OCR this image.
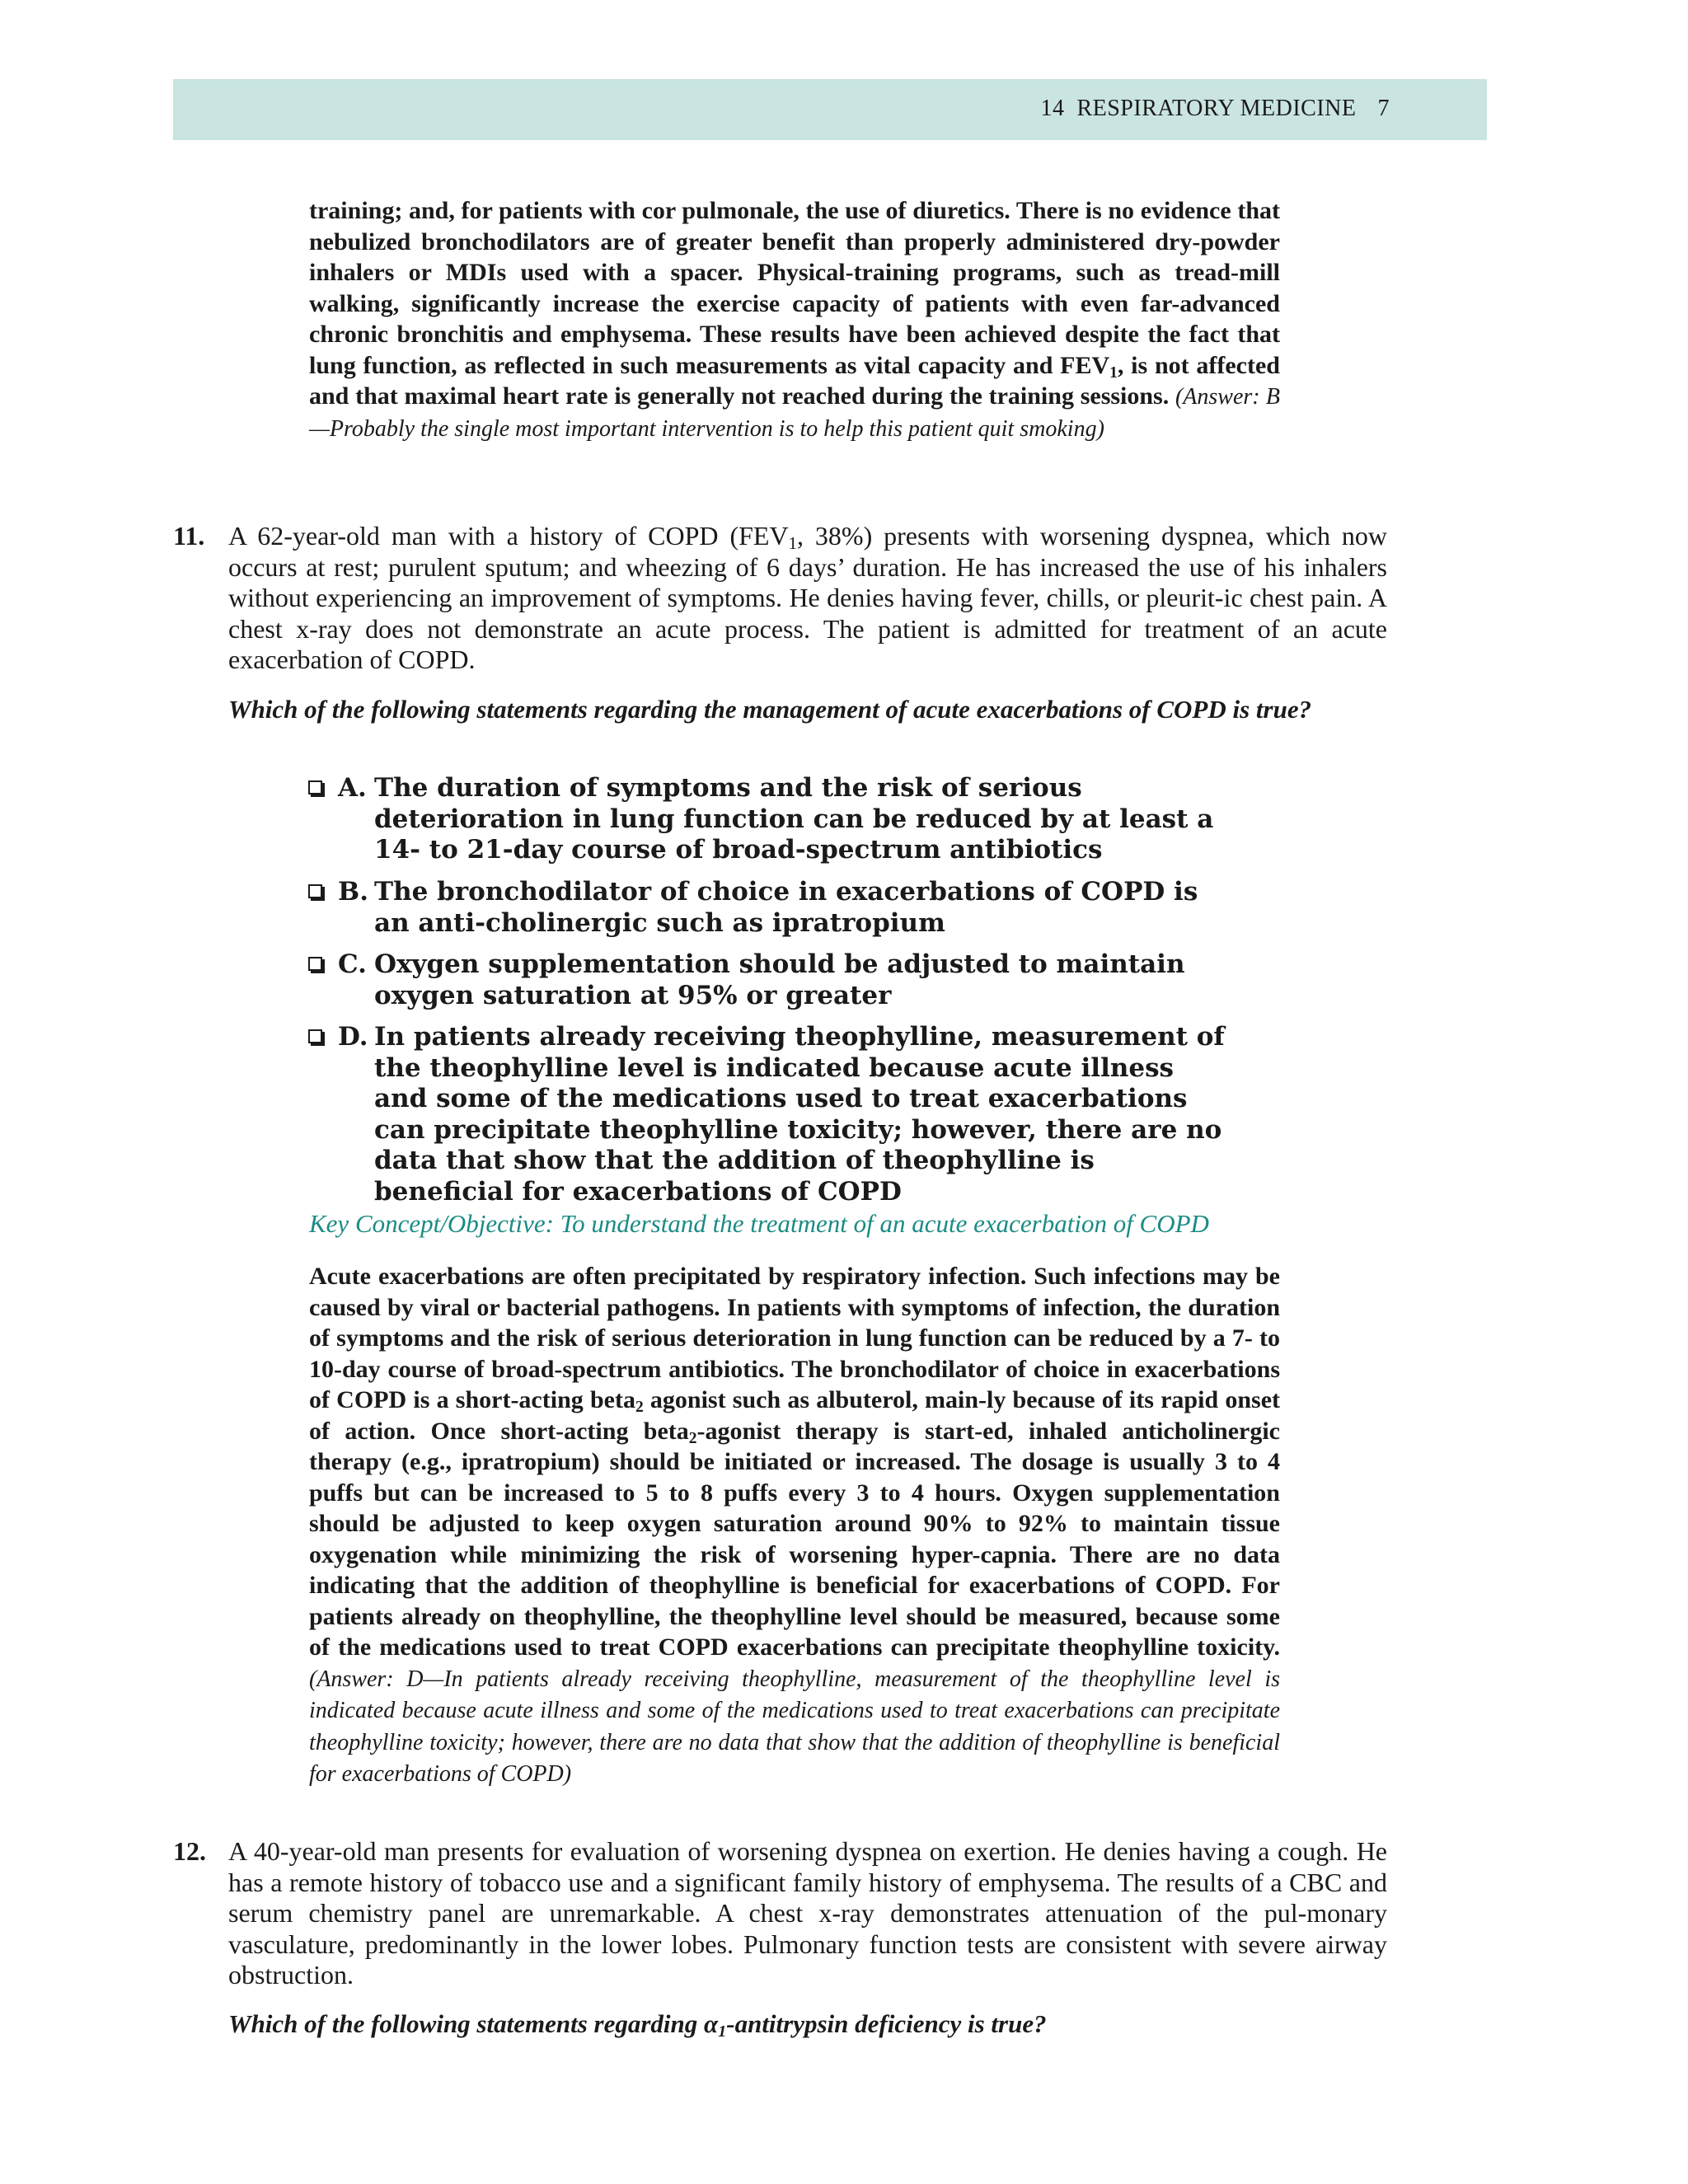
14  RESPIRATORY MEDICINE 7
training; and, for patients with cor pulmonale, the use of diuretics. There is no evidence that nebulized bronchodilators are of greater benefit than properly administered dry-powder inhalers or MDIs used with a spacer. Physical-training programs, such as tread-mill walking, significantly increase the exercise capacity of patients with even far-advanced chronic bronchitis and emphysema. These results have been achieved despite the fact that lung function, as reflected in such measurements as vital capacity and $FEV_1$, is not affected and that maximal heart rate is generally not reached during the training sessions. (Answer: B—Probably the single most important intervention is to help this patient quit smoking)
11. A 62-year-old man with a history of COPD ($FEV_1$, 38%) presents with worsening dyspnea, which now occurs at rest; purulent sputum; and wheezing of 6 days’ duration. He has increased the use of his inhalers without experiencing an improvement of symptoms. He denies having fever, chills, or pleurit-ic chest pain. A chest x-ray does not demonstrate an acute process. The patient is admitted for treatment of an acute exacerbation of COPD.
Which of the following statements regarding the management of acute exacerbations of COPD is true?
A. The duration of symptoms and the risk of serious deterioration in lung function can be reduced by at least a 14- to 21-day course of broad-spectrum antibiotics
B. The bronchodilator of choice in exacerbations of COPD is an anti-cholinergic such as ipratropium
C. Oxygen supplementation should be adjusted to maintain oxygen saturation at 95% or greater
D. In patients already receiving theophylline, measurement of the theophylline level is indicated because acute illness and some of the medications used to treat exacerbations can precipitate theophylline toxicity; however, there are no data that show that the addition of theophylline is beneficial for exacerbations of COPD
Key Concept/Objective: To understand the treatment of an acute exacerbation of COPD
Acute exacerbations are often precipitated by respiratory infection. Such infections may be caused by viral or bacterial pathogens. In patients with symptoms of infection, the duration of symptoms and the risk of serious deterioration in lung function can be reduced by a 7- to 10-day course of broad-spectrum antibiotics. The bronchodilator of choice in exacerbations of COPD is a short-acting beta$_2$ agonist such as albuterol, main-ly because of its rapid onset of action. Once short-acting beta$_2$-agonist therapy is start-ed, inhaled anticholinergic therapy (e.g., ipratropium) should be initiated or increased. The dosage is usually 3 to 4 puffs but can be increased to 5 to 8 puffs every 3 to 4 hours. Oxygen supplementation should be adjusted to keep oxygen saturation around 90% to 92% to maintain tissue oxygenation while minimizing the risk of worsening hyper-capnia. There are no data indicating that the addition of theophylline is beneficial for exacerbations of COPD. For patients already on theophylline, the theophylline level should be measured, because some of the medications used to treat COPD exacerbations can precipitate theophylline toxicity. (Answer: D—In patients already receiving theophylline, measurement of the theophylline level is indicated because acute illness and some of the medications used to treat exacerbations can precipitate theophylline toxicity; however, there are no data that show that the addition of theophylline is beneficial for exacerbations of COPD)
12. A 40-year-old man presents for evaluation of worsening dyspnea on exertion. He denies having a cough. He has a remote history of tobacco use and a significant family history of emphysema. The results of a CBC and serum chemistry panel are unremarkable. A chest x-ray demonstrates attenuation of the pul-monary vasculature, predominantly in the lower lobes. Pulmonary function tests are consistent with severe airway obstruction.
Which of the following statements regarding $\alpha_1$-antitrypsin deficiency is true?
